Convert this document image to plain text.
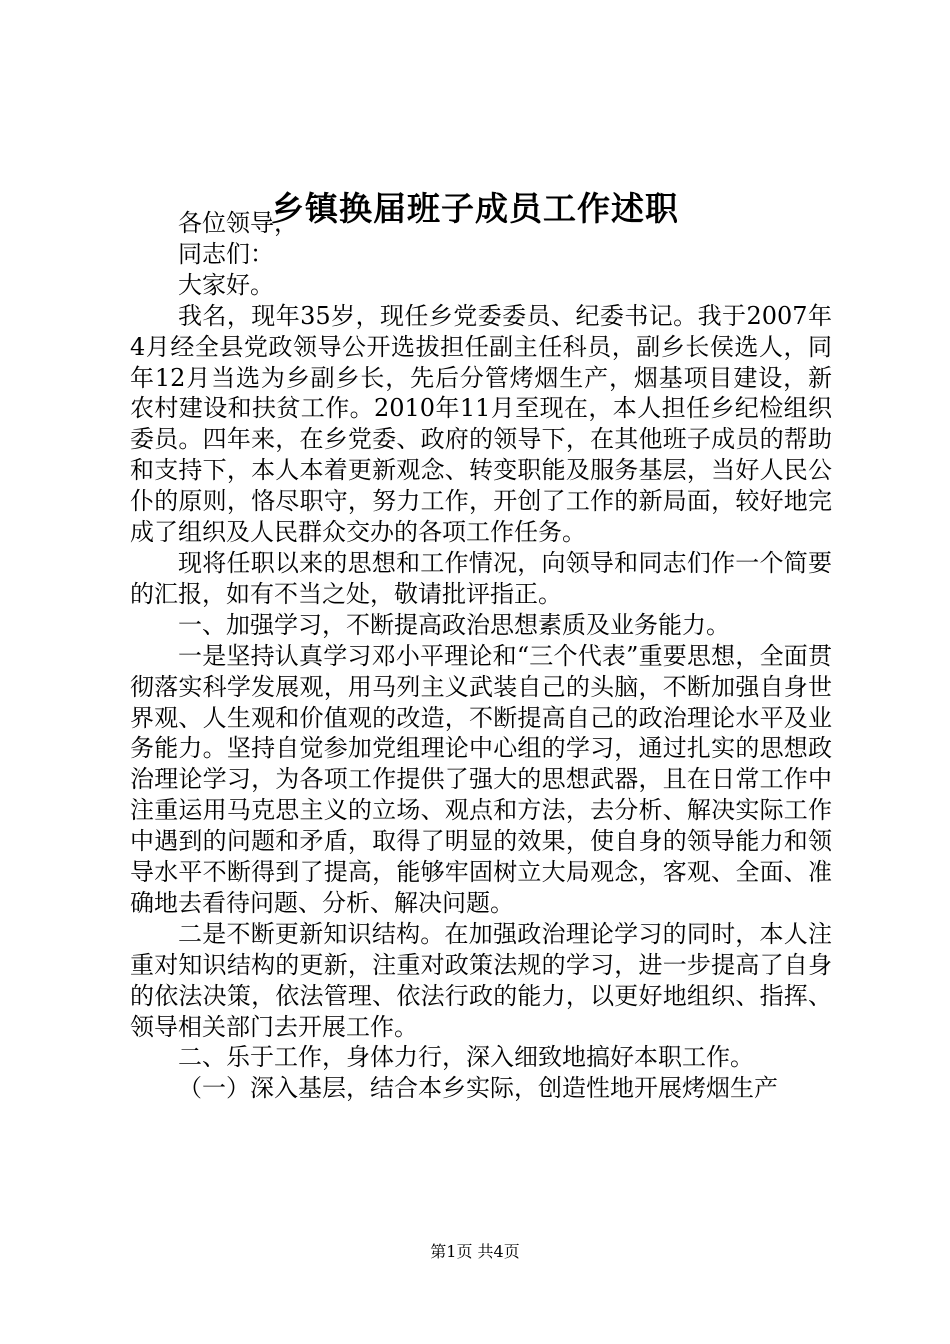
乡镇换届班子成员工作述职

各位领导，

同志们：

大家好。

我名，现年35岁，现任乡党委委员、纪委书记。我于2007年4月经全县党政领导公开选拔担任副主任科员，副乡长侯选人，同年12月当选为乡副乡长，先后分管烤烟生产，烟基项目建设，新农村建设和扶贫工作。2010年11月至现在，本人担任乡纪检组织委员。四年来，在乡党委、政府的领导下，在其他班子成员的帮助和支持下，本人本着更新观念、转变职能及服务基层，当好人民公仆的原则，恪尽职守，努力工作，开创了工作的新局面，较好地完成了组织及人民群众交办的各项工作任务。

现将任职以来的思想和工作情况，向领导和同志们作一个简要的汇报，如有不当之处，敬请批评指正。

一、加强学习，不断提高政治思想素质及业务能力。

一是坚持认真学习邓小平理论和“三个代表”重要思想，全面贯彻落实科学发展观，用马列主义武装自己的头脑，不断加强自身世界观、人生观和价值观的改造，不断提高自己的政治理论水平及业务能力。坚持自觉参加党组理论中心组的学习，通过扎实的思想政治理论学习，为各项工作提供了强大的思想武器，且在日常工作中注重运用马克思主义的立场、观点和方法，去分析、解决实际工作中遇到的问题和矛盾，取得了明显的效果，使自身的领导能力和领导水平不断得到了提高，能够牢固树立大局观念，客观、全面、准确地去看待问题、分析、解决问题。

二是不断更新知识结构。在加强政治理论学习的同时，本人注重对知识结构的更新，注重对政策法规的学习，进一步提高了自身的依法决策，依法管理、依法行政的能力，以更好地组织、指挥、领导相关部门去开展工作。

二、乐于工作，身体力行，深入细致地搞好本职工作。

（一）深入基层，结合本乡实际，创造性地开展烤烟生产

第1页 共4页
